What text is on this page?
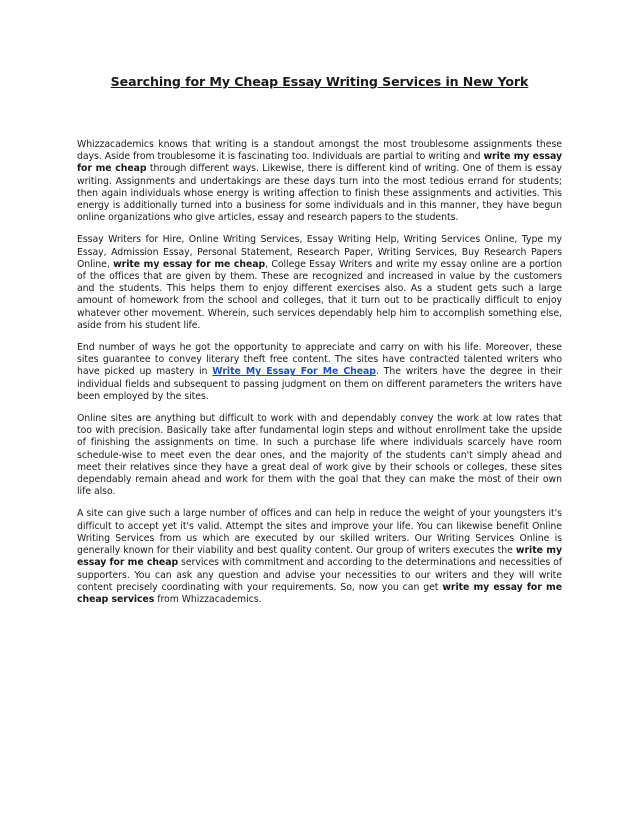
Searching for My Cheap Essay Writing Services in New York

Whizzacademics knows that writing is a standout amongst the most troublesome assignments these days. Aside from troublesome it is fascinating too. Individuals are partial to writing and write my essay for me cheap through different ways. Likewise, there is different kind of writing. One of them is essay writing. Assignments and undertakings are these days turn into the most tedious errand for students; then again individuals whose energy is writing affection to finish these assignments and activities. This energy is additionally turned into a business for some individuals and in this manner, they have begun online organizations who give articles, essay and research papers to the students.

Essay Writers for Hire, Online Writing Services, Essay Writing Help, Writing Services Online, Type my Essay, Admission Essay, Personal Statement, Research Paper, Writing Services, Buy Research Papers Online, write my essay for me cheap, College Essay Writers and write my essay online are a portion of the offices that are given by them. These are recognized and increased in value by the customers and the students. This helps them to enjoy different exercises also. As a student gets such a large amount of homework from the school and colleges, that it turn out to be practically difficult to enjoy whatever other movement. Wherein, such services dependably help him to accomplish something else, aside from his student life.

End number of ways he got the opportunity to appreciate and carry on with his life. Moreover, these sites guarantee to convey literary theft free content. The sites have contracted talented writers who have picked up mastery in Write My Essay For Me Cheap. The writers have the degree in their individual fields and subsequent to passing judgment on them on different parameters the writers have been employed by the sites.

Online sites are anything but difficult to work with and dependably convey the work at low rates that too with precision. Basically take after fundamental login steps and without enrollment take the upside of finishing the assignments on time. In such a purchase life where individuals scarcely have room schedule-wise to meet even the dear ones, and the majority of the students can't simply ahead and meet their relatives since they have a great deal of work give by their schools or colleges, these sites dependably remain ahead and work for them with the goal that they can make the most of their own life also.

A site can give such a large number of offices and can help in reduce the weight of your youngsters it's difficult to accept yet it's valid. Attempt the sites and improve your life. You can likewise benefit Online Writing Services from us which are executed by our skilled writers. Our Writing Services Online is generally known for their viability and best quality content. Our group of writers executes the write my essay for me cheap services with commitment and according to the determinations and necessities of supporters. You can ask any question and advise your necessities to our writers and they will write content precisely coordinating with your requirements. So, now you can get write my essay for me cheap services from Whizzacademics.
